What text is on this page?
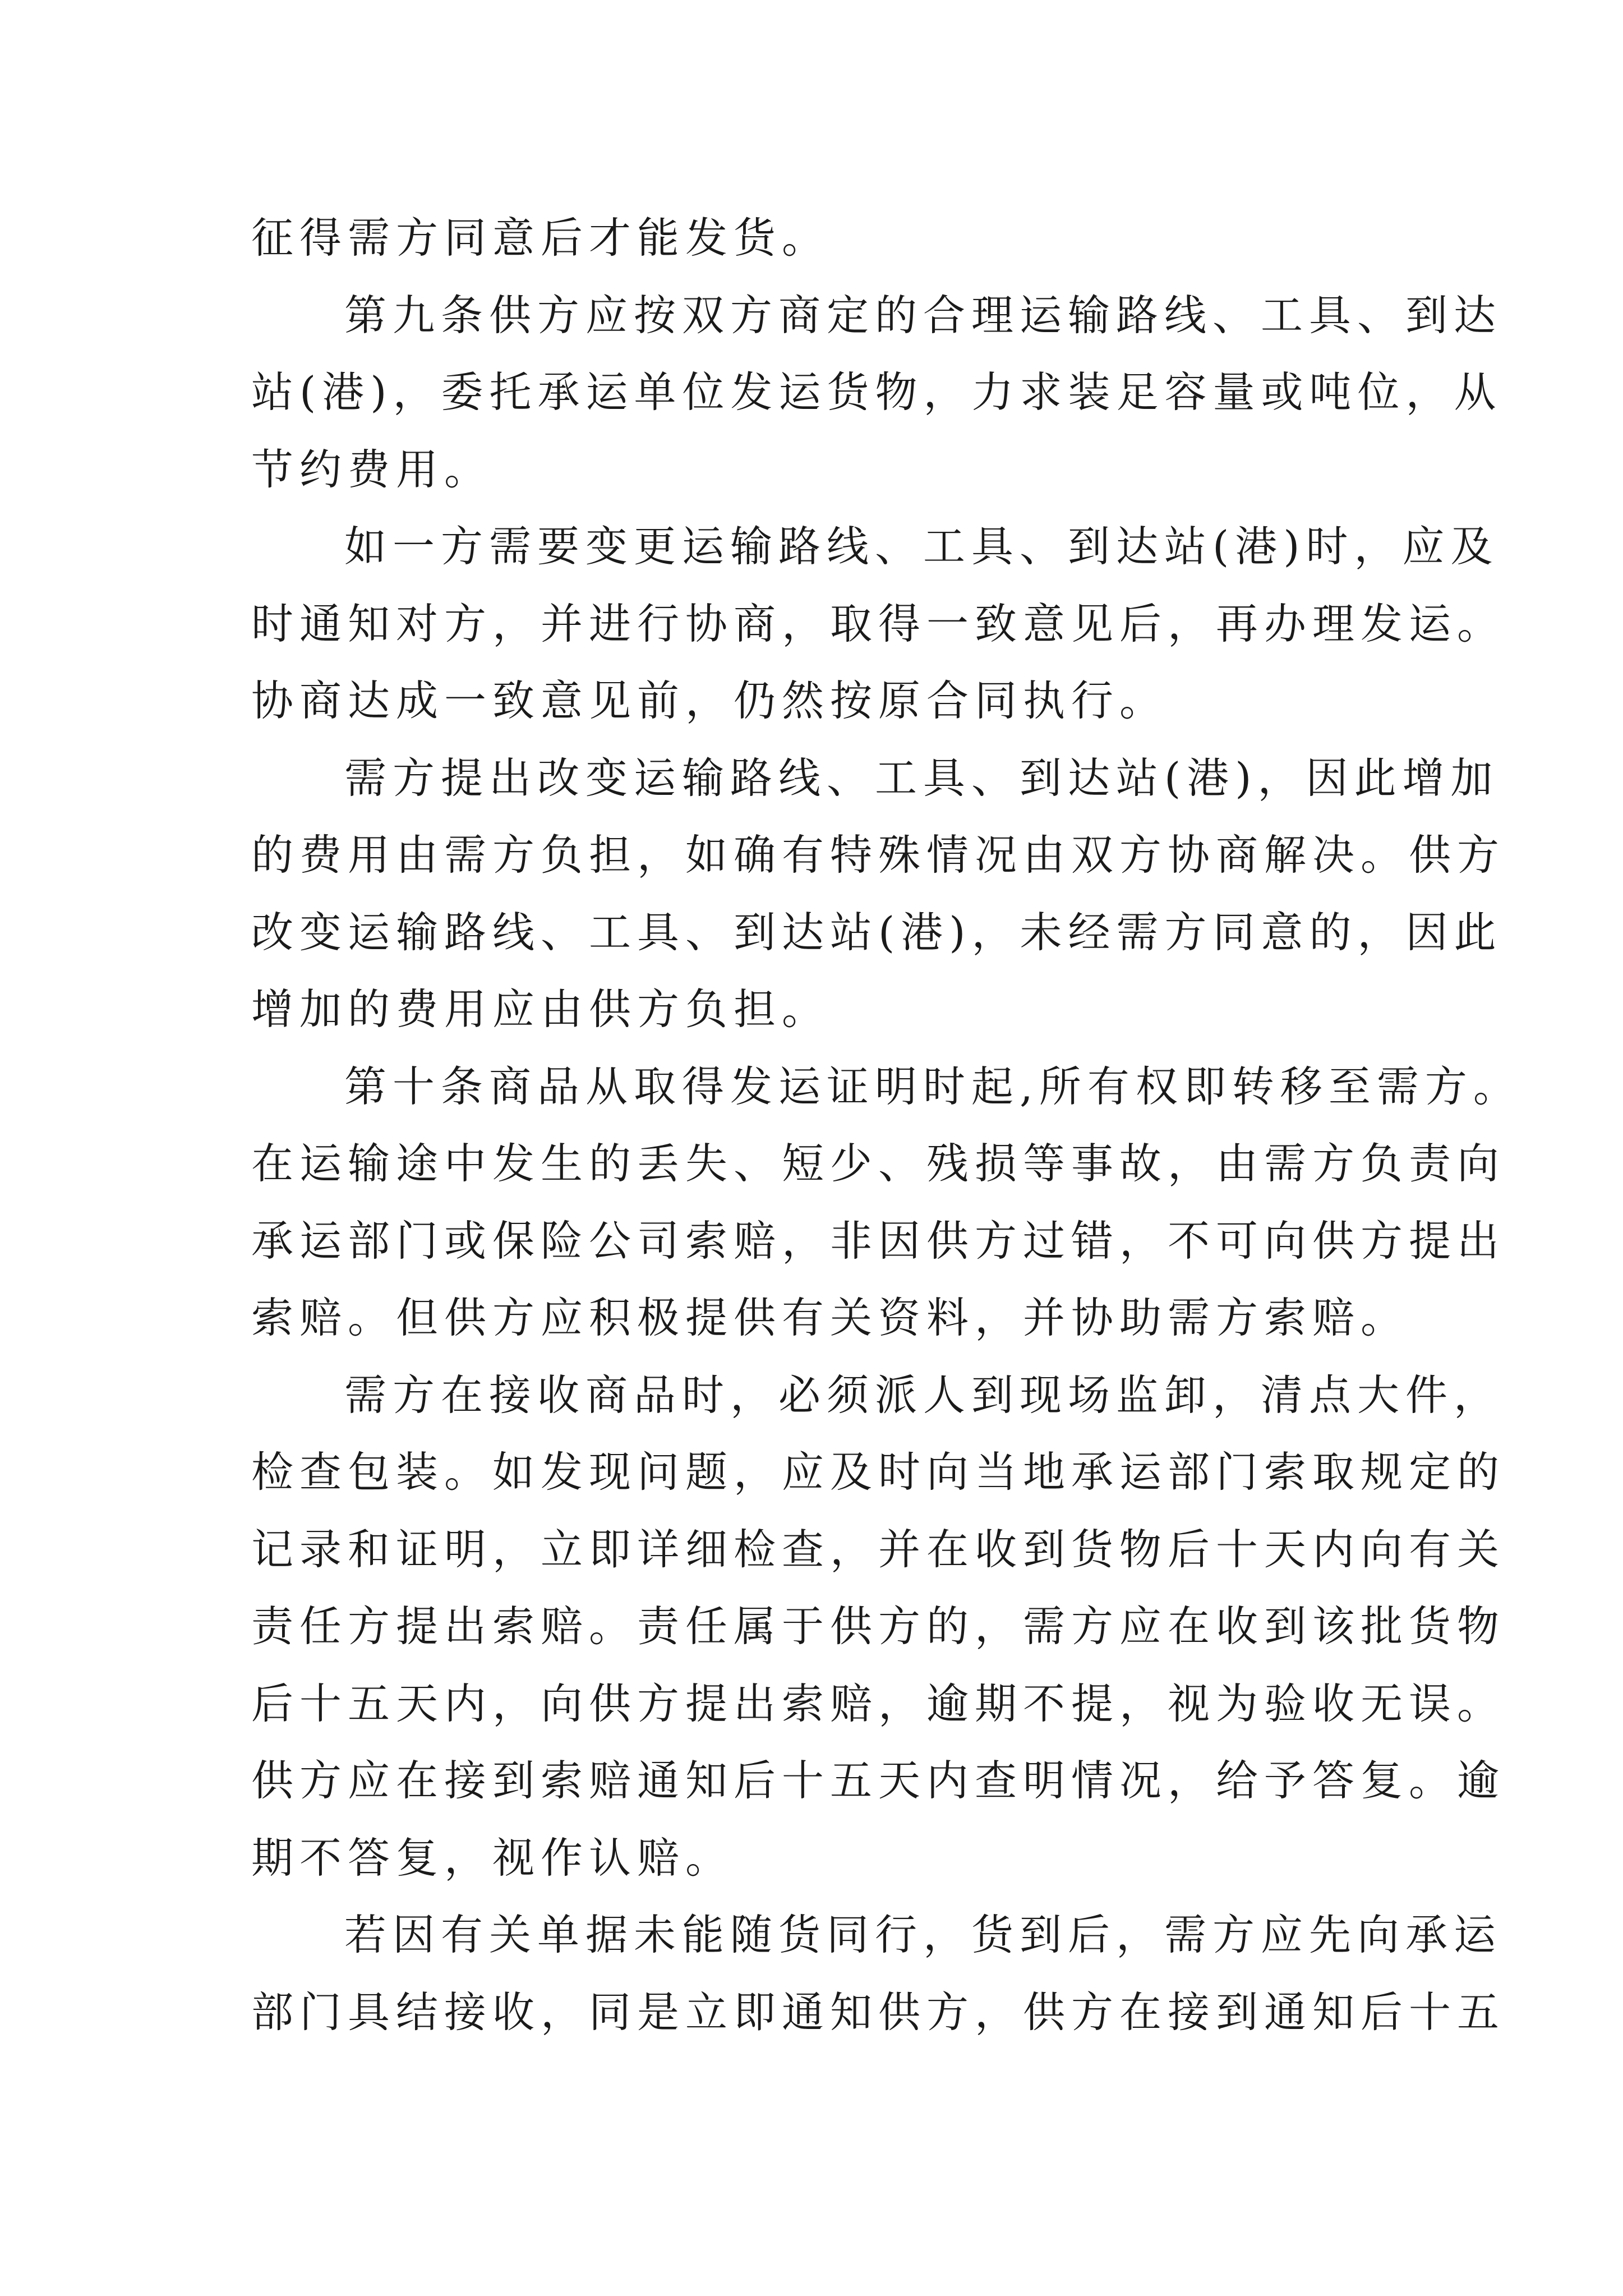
征得需方同意后才能发货。
第九条供方应按双方商定的合理运输路线、工具、到达
站(港)，委托承运单位发运货物，力求装足容量或吨位，从
节约费用。
如一方需要变更运输路线、工具、到达站(港)时，应及
时通知对方，并进行协商，取得一致意见后，再办理发运。
协商达成一致意见前，仍然按原合同执行。
需方提出改变运输路线、工具、到达站(港)，因此增加
的费用由需方负担，如确有特殊情况由双方协商解决。供方
改变运输路线、工具、到达站(港)，未经需方同意的，因此
增加的费用应由供方负担。
第十条商品从取得发运证明时起,所有权即转移至需方。
在运输途中发生的丢失、短少、残损等事故，由需方负责向
承运部门或保险公司索赔，非因供方过错，不可向供方提出
索赔。但供方应积极提供有关资料，并协助需方索赔。
需方在接收商品时，必须派人到现场监卸，清点大件，
检查包装。如发现问题，应及时向当地承运部门索取规定的
记录和证明，立即详细检查，并在收到货物后十天内向有关
责任方提出索赔。责任属于供方的，需方应在收到该批货物
后十五天内，向供方提出索赔，逾期不提，视为验收无误。
供方应在接到索赔通知后十五天内查明情况，给予答复。逾
期不答复，视作认赔。
若因有关单据未能随货同行，货到后，需方应先向承运
部门具结接收，同是立即通知供方，供方在接到通知后十五
